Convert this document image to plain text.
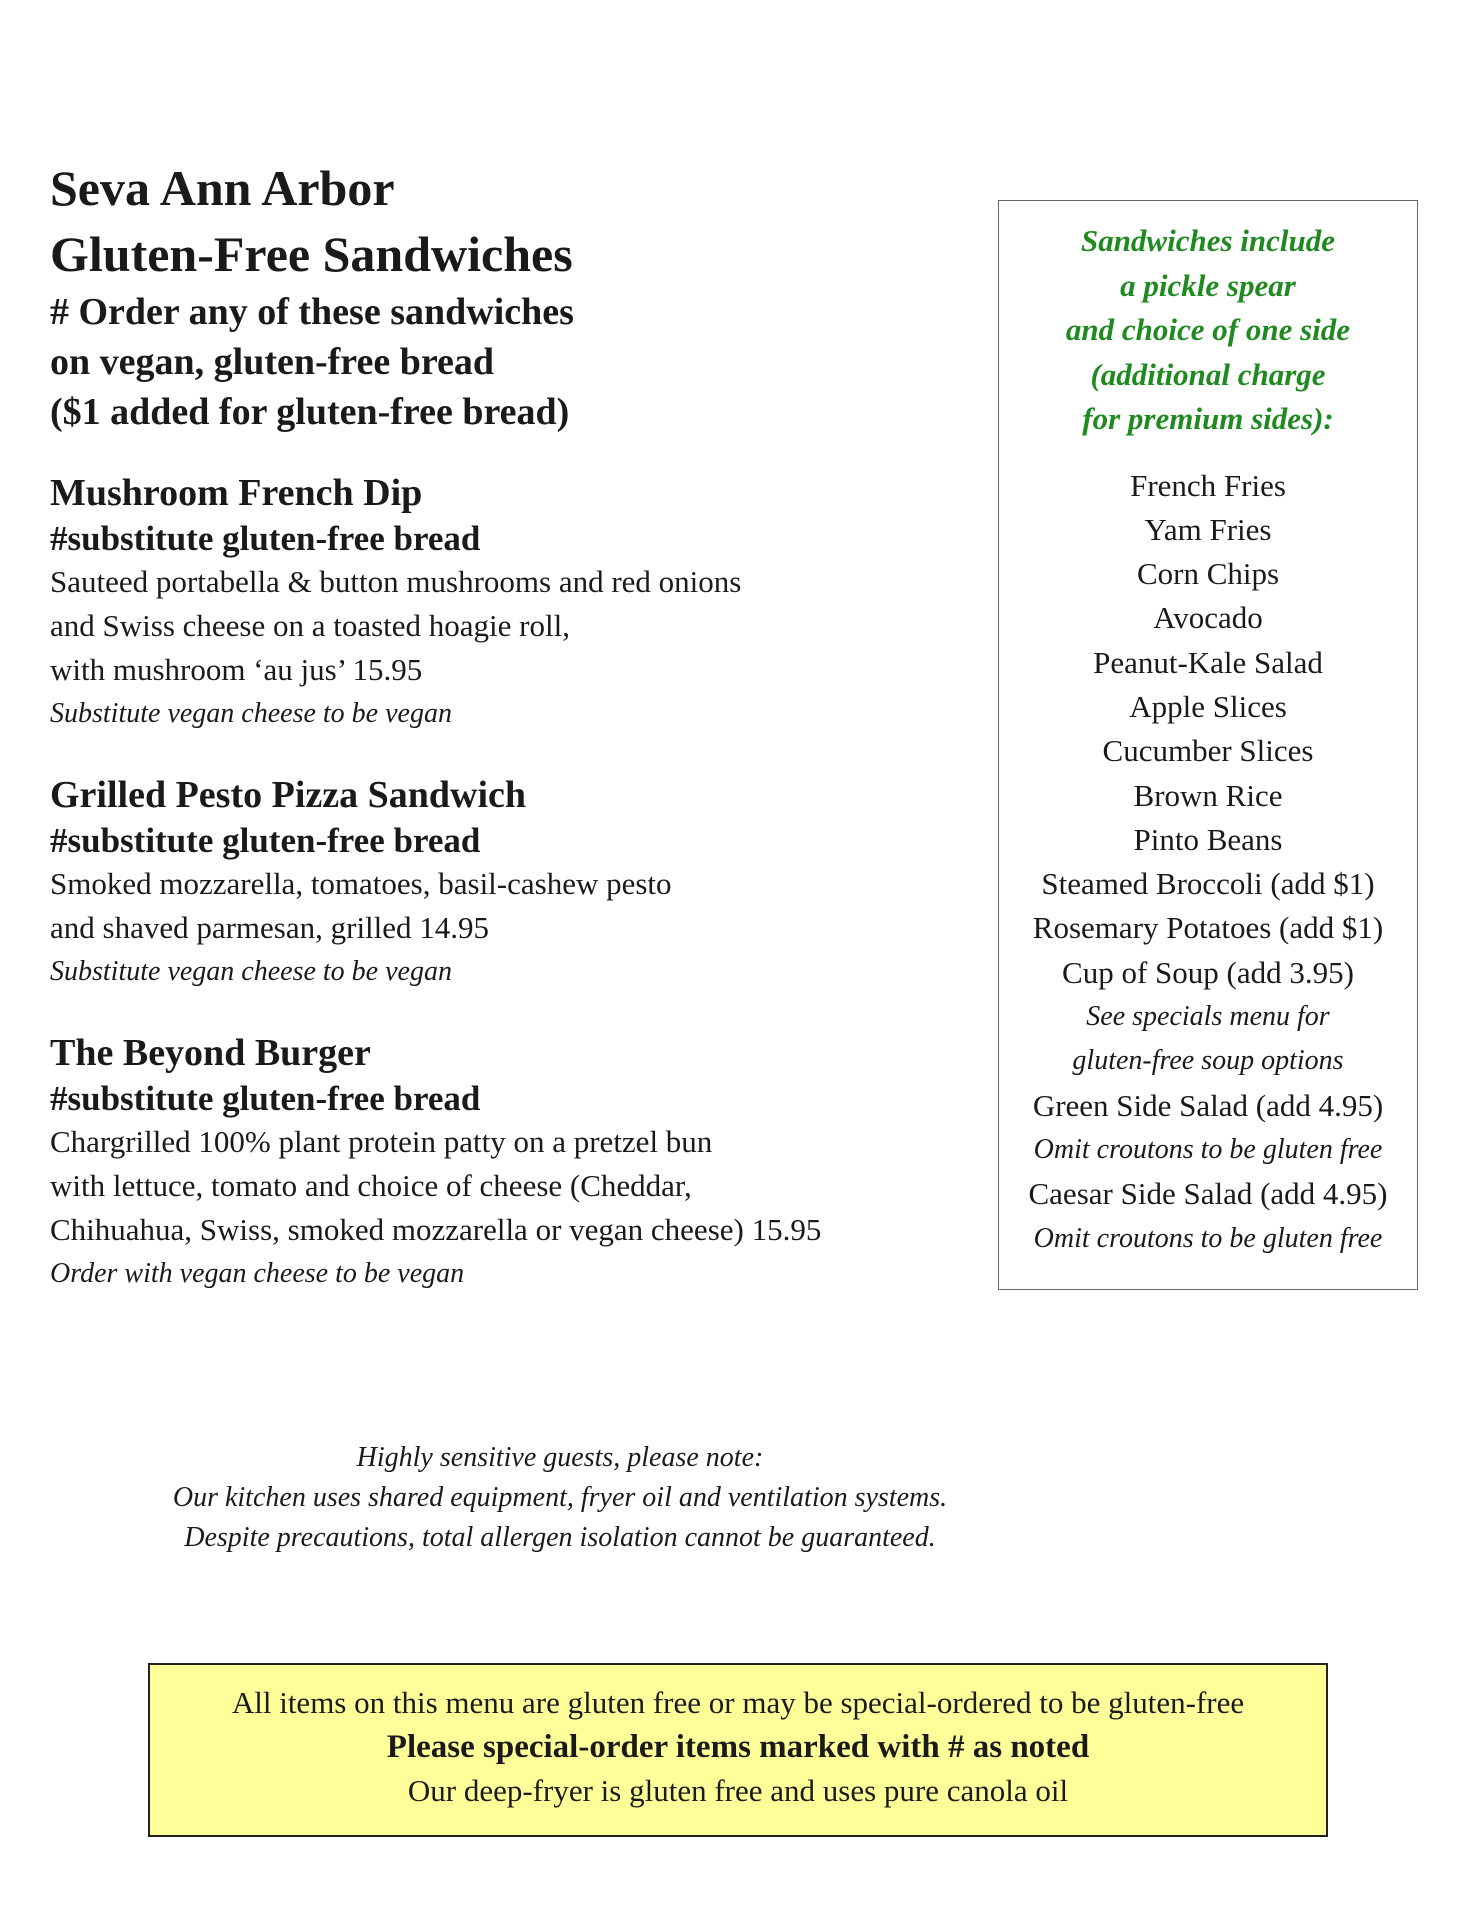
Seva Ann Arbor
Gluten-Free Sandwiches
# Order any of these sandwiches
on vegan, gluten-free bread
($1 added for gluten-free bread)
Mushroom French Dip
#substitute gluten-free bread
Sauteed portabella & button mushrooms and red onions
and Swiss cheese on a toasted hoagie roll,
with mushroom ‘au jus’ 15.95
Substitute vegan cheese to be vegan
Grilled Pesto Pizza Sandwich
#substitute gluten-free bread
Smoked mozzarella, tomatoes, basil-cashew pesto
and shaved parmesan, grilled 14.95
Substitute vegan cheese to be vegan
The Beyond Burger
#substitute gluten-free bread
Chargrilled 100% plant protein patty on a pretzel bun
with lettuce, tomato and choice of cheese (Cheddar,
Chihuahua, Swiss, smoked mozzarella or vegan cheese) 15.95
Order with vegan cheese to be vegan
Sandwiches include
a pickle spear
and choice of one side
(additional charge
for premium sides):
French Fries
Yam Fries
Corn Chips
Avocado
Peanut-Kale Salad
Apple Slices
Cucumber Slices
Brown Rice
Pinto Beans
Steamed Broccoli (add $1)
Rosemary Potatoes (add $1)
Cup of Soup (add 3.95)
See specials menu for
gluten-free soup options
Green Side Salad (add 4.95)
Omit croutons to be gluten free
Caesar Side Salad (add 4.95)
Omit croutons to be gluten free
Highly sensitive guests, please note:
Our kitchen uses shared equipment, fryer oil and ventilation systems.
Despite precautions, total allergen isolation cannot be guaranteed.
All items on this menu are gluten free or may be special-ordered to be gluten-free
Please special-order items marked with # as noted
Our deep-fryer is gluten free and uses pure canola oil
